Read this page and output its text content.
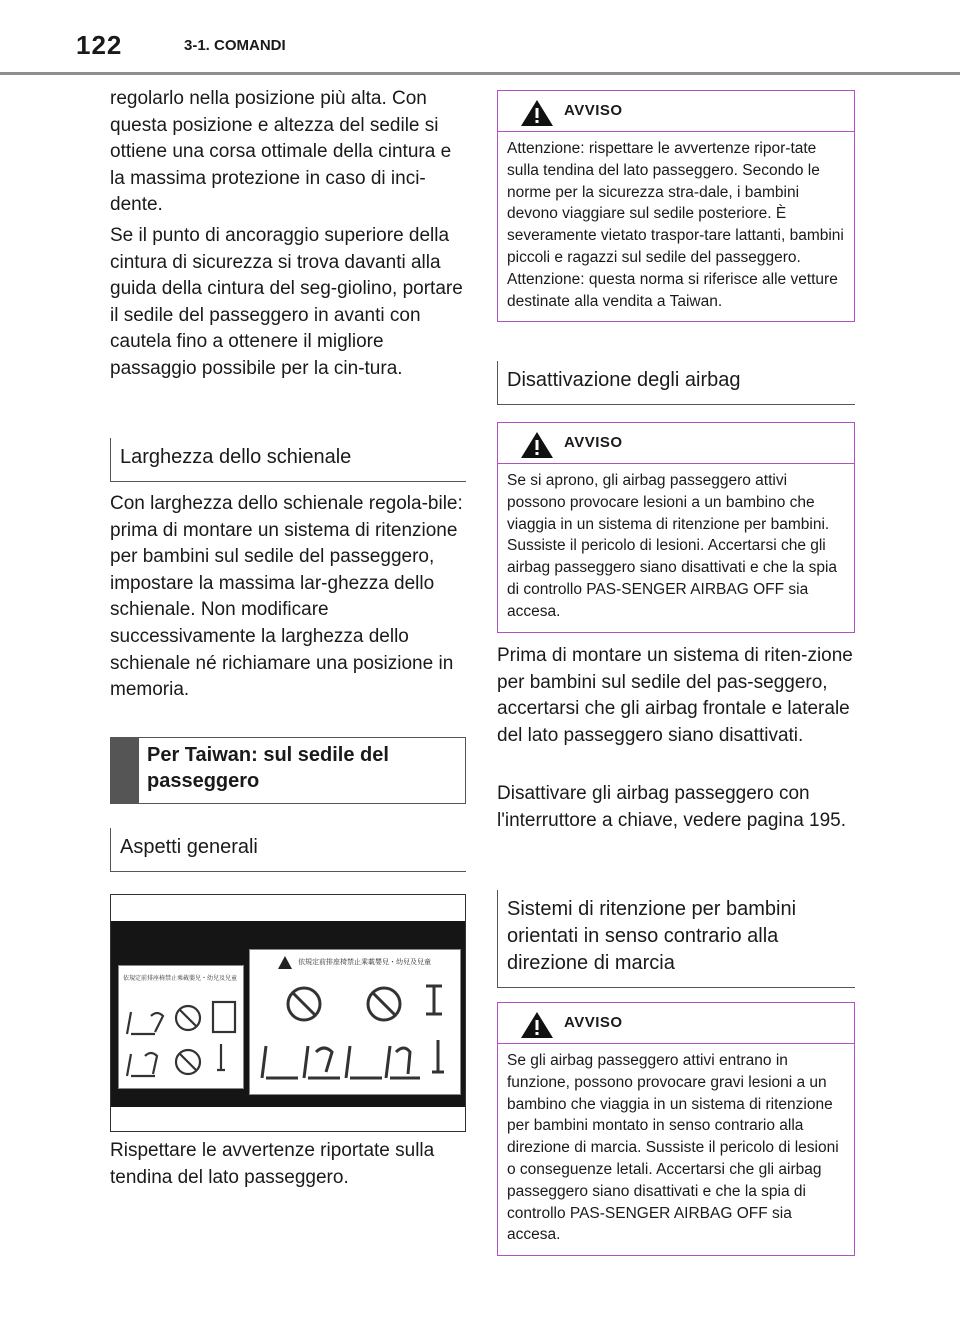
122	3-1. COMANDI

regolarlo nella posizione più alta. Con questa posizione e altezza del sedile si ottiene una corsa ottimale della cintura e la massima protezione in caso di inci-dente.

Se il punto di ancoraggio superiore della cintura di sicurezza si trova davanti alla guida della cintura del seg-giolino, portare il sedile del passeggero in avanti con cautela fino a ottenere il migliore passaggio possibile per la cin-tura.

Larghezza dello schienale

Con larghezza dello schienale regola-bile: prima di montare un sistema di ritenzione per bambini sul sedile del passeggero, impostare la massima lar-ghezza dello schienale. Non modificare successivamente la larghezza dello schienale né richiamare una posizione in memoria.

Per Taiwan: sul sedile del passeggero
Aspetti generali
依規定前排座椅禁止乘載嬰兒・幼兒及兒童
依規定前排座椅禁止乘載嬰兒・幼兒及兒童

Rispettare le avvertenze riportate sulla tendina del lato passeggero.

AVVISO
Attenzione: rispettare le avvertenze ripor-tate sulla tendina del lato passeggero. Secondo le norme per la sicurezza stra-dale, i bambini devono viaggiare sul sedile posteriore. È severamente vietato traspor-tare lattanti, bambini piccoli e ragazzi sul sedile del passeggero. Attenzione: questa norma si riferisce alle vetture destinate alla vendita a Taiwan.
Disattivazione degli airbag
AVVISO
Se si aprono, gli airbag passeggero attivi possono provocare lesioni a un bambino che viaggia in un sistema di ritenzione per bambini. Sussiste il pericolo di lesioni. Accertarsi che gli airbag passeggero siano disattivati e che la spia di controllo PAS-SENGER AIRBAG OFF sia accesa.

Prima di montare un sistema di riten-zione per bambini sul sedile del pas-seggero, accertarsi che gli airbag frontale e laterale del lato passeggero siano disattivati.

Disattivare gli airbag passeggero con l'interruttore a chiave, vedere pagina 195.

Sistemi di ritenzione per bambini orientati in senso contrario alla direzione di marcia
AVVISO
Se gli airbag passeggero attivi entrano in funzione, possono provocare gravi lesioni a un bambino che viaggia in un sistema di ritenzione per bambini montato in senso contrario alla direzione di marcia. Sussiste il pericolo di lesioni o conseguenze letali. Accertarsi che gli airbag passeggero siano disattivati e che la spia di controllo PAS-SENGER AIRBAG OFF sia accesa.
